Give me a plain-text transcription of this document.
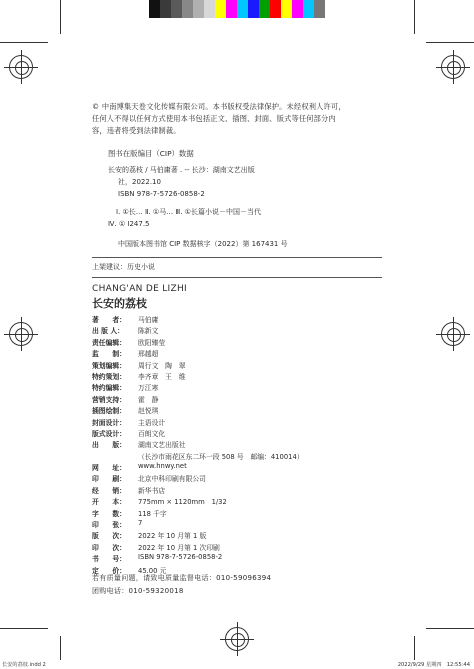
© 中南博集天卷文化传媒有限公司。本书版权受法律保护。未经权利人许可，
任何人不得以任何方式使用本书包括正文、插图、封面、版式等任何部分内
容，违者将受到法律制裁。
图书在版编目（CIP）数据
长安的荔枝 / 马伯庸著 . -- 长沙：湖南文艺出版
社，2022.10
ISBN 978-7-5726-0858-2
Ⅰ. ①长… Ⅱ. ①马… Ⅲ. ①长篇小说－中国－当代
Ⅳ. ① I247.5
中国版本图书馆 CIP 数据核字（2022）第 167431 号
上架建议：历史小说
CHANG'AN DE LIZHI
长安的荔枝
著　　者：	马伯庸
出 版 人：	陈新文
责任编辑：	欧阳臻莹
监　　制：	邢越超
策划编辑：	周行文　陶　翠
特约策划：	李齐章　王　维
特约编辑：	万江寒
营销支持：	霍　静
插图绘制：	赵悦琪
封面设计：	主语设计
版式设计：	百朗文化
出　　版：	湖南文艺出版社
（长沙市雨花区东二环一段 508 号　邮编：410014）
网　　址：	www.hnwy.net
印　　刷：	北京中科印刷有限公司
经　　销：	新华书店
开　　本：	775mm × 1120mm　1/32
字　　数：	118 千字
印　　张：	7
版　　次：	2022 年 10 月第 1 版
印　　次：	2022 年 10 月第 1 次印刷
书　　号：	ISBN 978-7-5726-0858-2
定　　价：	45.00 元
若有质量问题，请致电质量监督电话：010-59096394
团购电话：010-59320018
长安的荔枝.indd 2	2022/9/29 星期四　12:55:44
